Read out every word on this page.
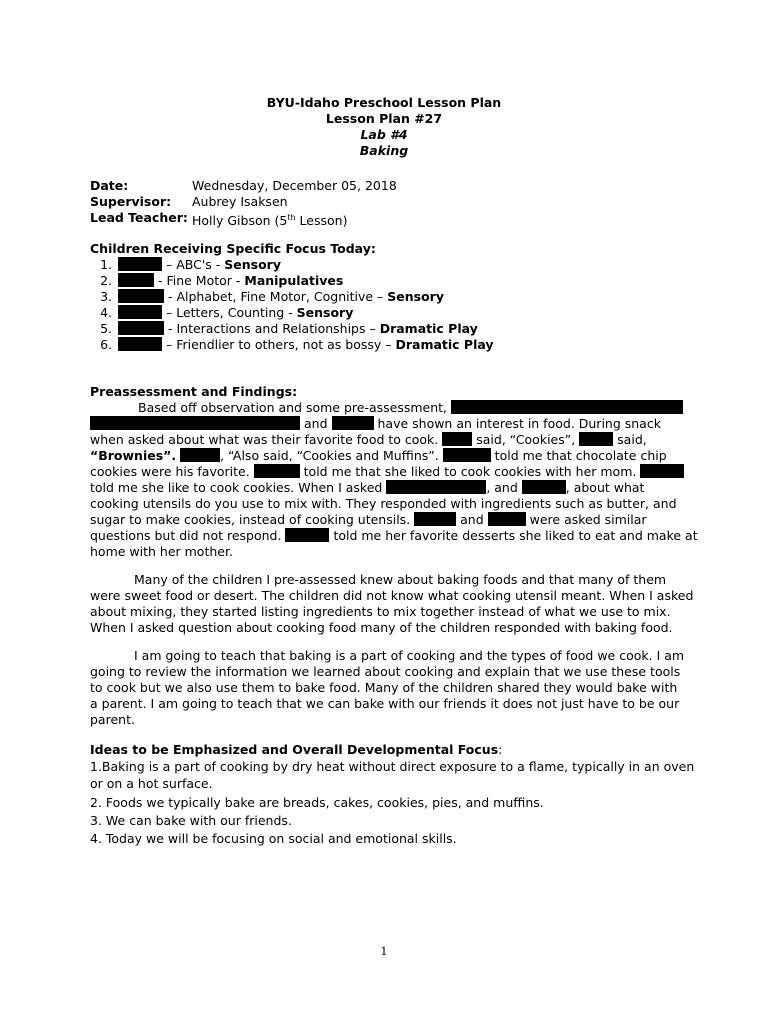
BYU-Idaho Preschool Lesson Plan
Lesson Plan #27
Lab #4
Baking
Date:	Wednesday, December 05, 2018
Supervisor: Aubrey Isaksen
Lead Teacher: Holly Gibson (5th Lesson)
Children Receiving Specific Focus Today:
1.	– ABC's - Sensory
2.	- Fine Motor - Manipulatives
3.	- Alphabet, Fine Motor, Cognitive – Sensory
4.	– Letters, Counting - Sensory
5.	- Interactions and Relationships – Dramatic Play
6.	– Friendlier to others, not as bossy – Dramatic Play
Preassessment and Findings:
Based off observation and some pre-assessment,
and	have shown an interest in food. During snack
when asked about what was their favorite food to cook.	said, “Cookies”,	said,
“Brownies”.	, “Also said, “Cookies and Muffins”.	told me that chocolate chip
cookies were his favorite.	told me that she liked to cook cookies with her mom.
told me she like to cook cookies. When I asked	, and	, about what
cooking utensils do you use to mix with. They responded with ingredients such as butter, and
sugar to make cookies, instead of cooking utensils.	and	were asked similar
questions but did not respond.	told me her favorite desserts she liked to eat and make at
home with her mother.
Many of the children I pre-assessed knew about baking foods and that many of them
were sweet food or desert. The children did not know what cooking utensil meant. When I asked
about mixing, they started listing ingredients to mix together instead of what we use to mix.
When I asked question about cooking food many of the children responded with baking food.
I am going to teach that baking is a part of cooking and the types of food we cook. I am
going to review the information we learned about cooking and explain that we use these tools
to cook but we also use them to bake food. Many of the children shared they would bake with
a parent. I am going to teach that we can bake with our friends it does not just have to be our
parent.
Ideas to be Emphasized and Overall Developmental Focus:
1.Baking is a part of cooking by dry heat without direct exposure to a flame, typically in an oven
or on a hot surface.
2. Foods we typically bake are breads, cakes, cookies, pies, and muffins.
3. We can bake with our friends.
4. Today we will be focusing on social and emotional skills.
1
